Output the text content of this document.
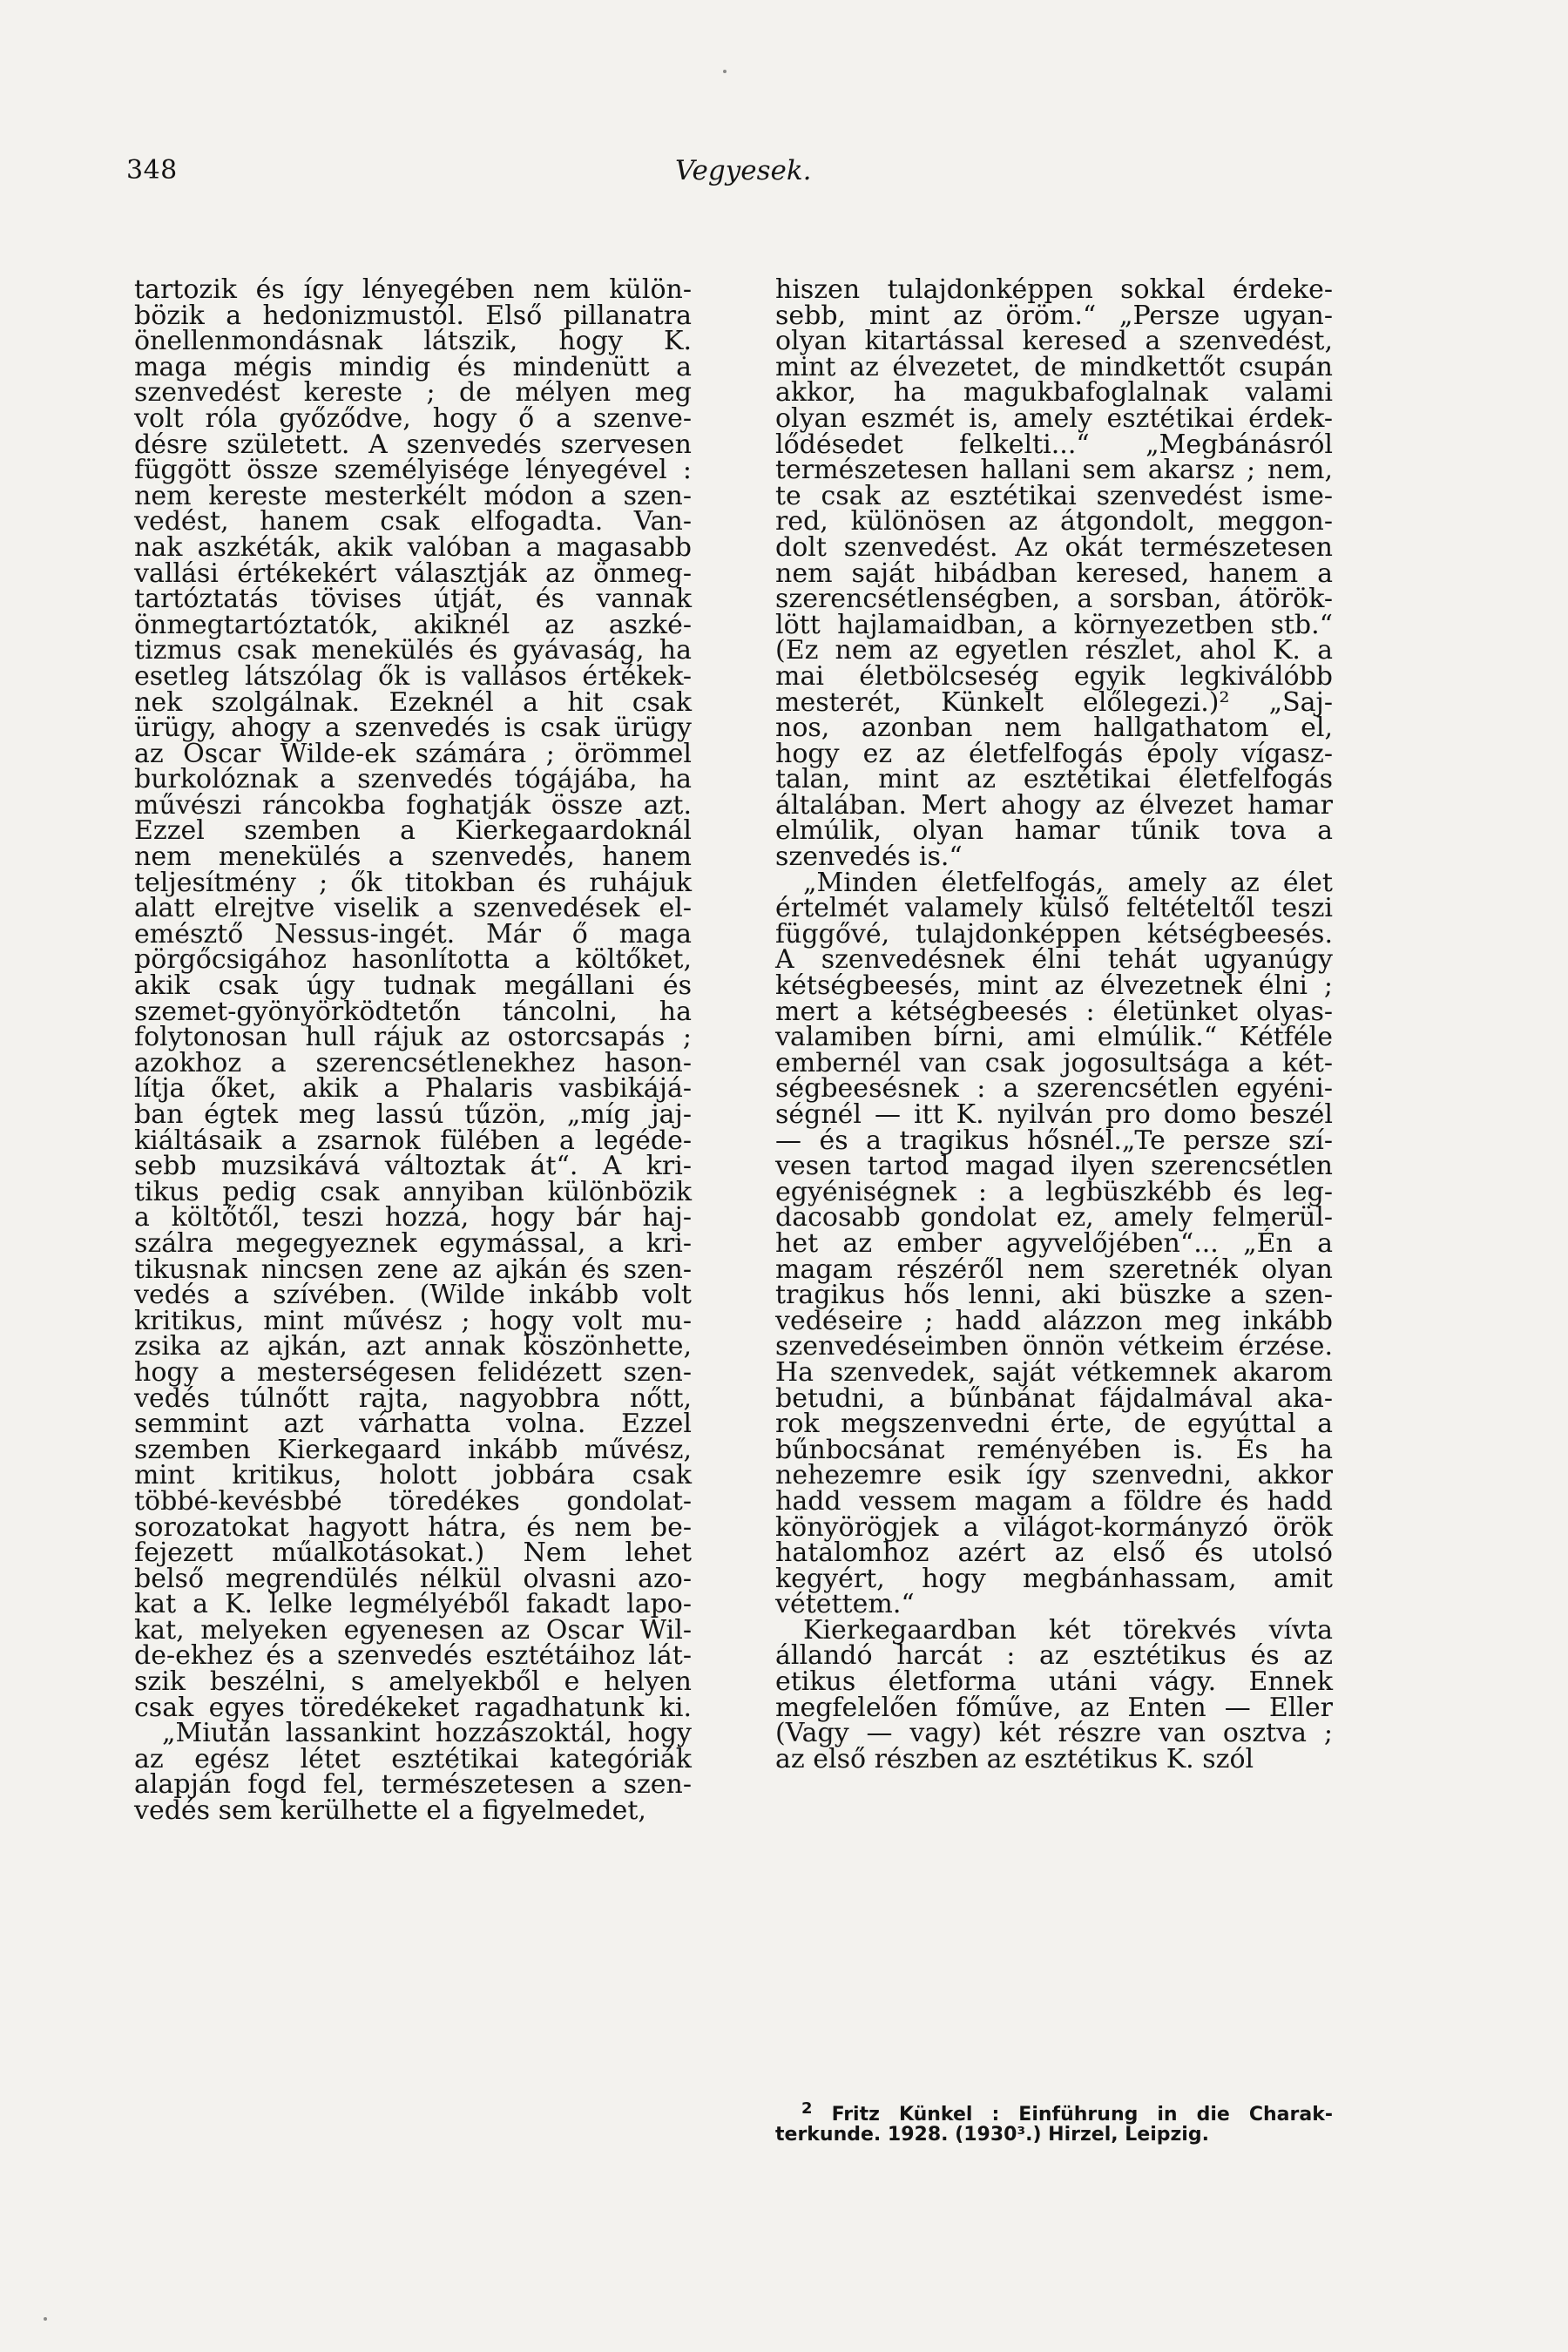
348	Vegyesek.
tartozik és így lényegében nem külön-
bözik a hedonizmustól. Első pillanatra
önellenmondásnak látszik, hogy K.
maga mégis mindig és mindenütt a
szenvedést kereste ; de mélyen meg
volt róla győződve, hogy ő a szenve-
désre született. A szenvedés szervesen
függött össze személyisége lényegével :
nem kereste mesterkélt módon a szen-
vedést, hanem csak elfogadta. Van-
nak aszkéták, akik valóban a magasabb
vallási értékekért választják az önmeg-
tartóztatás tövises útját, és vannak
önmegtartóztatók, akiknél az aszké-
tizmus csak menekülés és gyávaság, ha
esetleg látszólag ők is vallásos értékek-
nek szolgálnak. Ezeknél a hit csak
ürügy, ahogy a szenvedés is csak ürügy
az Oscar Wilde-ek számára ; örömmel
burkolóznak a szenvedés tógájába, ha
művészi ráncokba foghatják össze azt.
Ezzel szemben a Kierkegaardoknál
nem menekülés a szenvedés, hanem
teljesítmény ; ők titokban és ruhájuk
alatt elrejtve viselik a szenvedések el-
emésztő Nessus-ingét. Már ő maga
pörgőcsigához hasonlította a költőket,
akik csak úgy tudnak megállani és
szemet-gyönyörködtetőn táncolni, ha
folytonosan hull rájuk az ostorcsapás ;
azokhoz a szerencsétlenekhez hason-
lítja őket, akik a Phalaris vasbikájá-
ban égtek meg lassú tűzön, „míg jaj-
kiáltásaik a zsarnok fülében a legéde-
sebb muzsikává változtak át“. A kri-
tikus pedig csak annyiban különbözik
a költőtől, teszi hozzá, hogy bár haj-
szálra megegyeznek egymással, a kri-
tikusnak nincsen zene az ajkán és szen-
vedés a szívében. (Wilde inkább volt
kritikus, mint művész ; hogy volt mu-
zsika az ajkán, azt annak köszönhette,
hogy a mesterségesen felidézett szen-
vedés túlnőtt rajta, nagyobbra nőtt,
semmint azt várhatta volna. Ezzel
szemben Kierkegaard inkább művész,
mint kritikus, holott jobbára csak
többé-kevésbbé töredékes gondolat-
sorozatokat hagyott hátra, és nem be-
fejezett műalkotásokat.) Nem lehet
belső megrendülés nélkül olvasni azo-
kat a K. lelke legmélyéből fakadt lapo-
kat, melyeken egyenesen az Oscar Wil-
de-ekhez és a szenvedés esztétáihoz lát-
szik beszélni, s amelyekből e helyen
csak egyes töredékeket ragadhatunk ki.
„Miután lassankint hozzászoktál, hogy
az egész létet esztétikai kategóriák
alapján fogd fel, természetesen a szen-
vedés sem kerülhette el a figyelmedet,
hiszen tulajdonképpen sokkal érdeke-
sebb, mint az öröm.“ „Persze ugyan-
olyan kitartással keresed a szenvedést,
mint az élvezetet, de mindkettőt csupán
akkor, ha magukbafoglalnak valami
olyan eszmét is, amely esztétikai érdek-
lődésedet felkelti...“ „Megbánásról
természetesen hallani sem akarsz ; nem,
te csak az esztétikai szenvedést isme-
red, különösen az átgondolt, meggon-
dolt szenvedést. Az okát természetesen
nem saját hibádban keresed, hanem a
szerencsétlenségben, a sorsban, átörök-
lött hajlamaidban, a környezetben stb.“
(Ez nem az egyetlen részlet, ahol K. a
mai életbölcseség egyik legkiválóbb
mesterét, Künkelt előlegezi.)² „Saj-
nos, azonban nem hallgathatom el,
hogy ez az életfelfogás époly vígasz-
talan, mint az esztétikai életfelfogás
általában. Mert ahogy az élvezet hamar
elmúlik, olyan hamar tűnik tova a
szenvedés is.“
„Minden életfelfogás, amely az élet
értelmét valamely külső feltételtől teszi
függővé, tulajdonképpen kétségbeesés.
A szenvedésnek élni tehát ugyanúgy
kétségbeesés, mint az élvezetnek élni ;
mert a kétségbeesés : életünket olyas-
valamiben bírni, ami elmúlik.“ Kétféle
embernél van csak jogosultsága a két-
ségbeesésnek : a szerencsétlen egyéni-
ségnél — itt K. nyilván pro domo beszél
— és a tragikus hősnél.„Te persze szí-
vesen tartod magad ilyen szerencsétlen
egyéniségnek : a legbüszkébb és leg-
dacosabb gondolat ez, amely felmerül-
het az ember agyvelőjében“... „Én a
magam részéről nem szeretnék olyan
tragikus hős lenni, aki büszke a szen-
vedéseire ; hadd alázzon meg inkább
szenvedéseimben önnön vétkeim érzése.
Ha szenvedek, saját vétkemnek akarom
betudni, a bűnbánat fájdalmával aka-
rok megszenvedni érte, de egyúttal a
bűnbocsánat reményében is. És ha
nehezemre esik így szenvedni, akkor
hadd vessem magam a földre és hadd
könyörögjek a világot-kormányzó örök
hatalomhoz azért az első és utolsó
kegyért, hogy megbánhassam, amit
vétettem.“
Kierkegaardban két törekvés vívta
állandó harcát : az esztétikus és az
etikus életforma utáni vágy. Ennek
megfelelően főműve, az Enten — Eller
(Vagy — vagy) két részre van osztva ;
az első részben az esztétikus K. szól
$^2$ Fritz Künkel : Einführung in die Charak-
terkunde. 1928. (1930³.) Hirzel, Leipzig.
